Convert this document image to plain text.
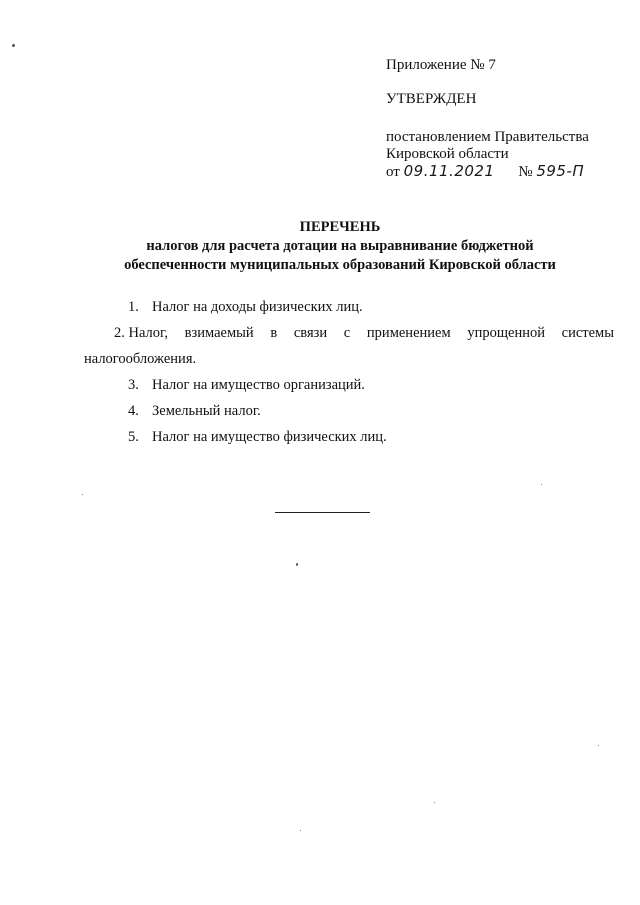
Приложение № 7
УТВЕРЖДЕН
постановлением Правительства
Кировской области
от 09.11.2021 № 595-П
ПЕРЕЧЕНЬ
налогов для расчета дотации на выравнивание бюджетной
обеспеченности муниципальных образований Кировской области
1. Налог на доходы физических лиц.
2. Налог, взимаемый в связи с применением упрощенной системы
налогообложения.
3. Налог на имущество организаций.
4. Земельный налог.
5. Налог на имущество физических лиц.
